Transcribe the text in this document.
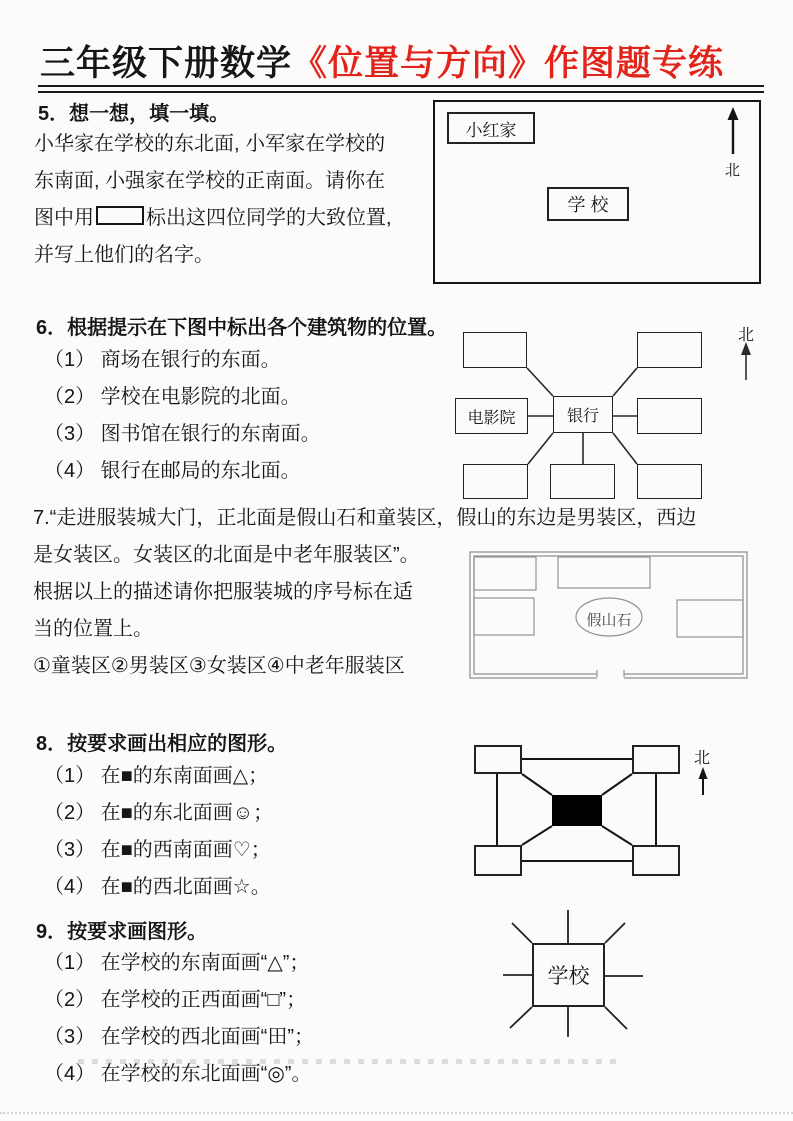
三年级下册数学《位置与方向》作图题专练
5．想一想，填一填。
小华家在学校的东北面, 小军家在学校的
东南面, 小强家在学校的正南面。请你在
图中用	标出这四位同学的大致位置,
并写上他们的名字。
小红家
学 校
北
6．根据提示在下图中标出各个建筑物的位置。
（1） 商场在银行的东面。
（2） 学校在电影院的北面。
（3） 图书馆在银行的东南面。
（4） 银行在邮局的东北面。
电影院	银行
北
7.“走进服装城大门，正北面是假山石和童装区，假山的东边是男装区，西边
是女装区。女装区的北面是中老年服装区”。
根据以上的描述请你把服装城的序号标在适
当的位置上。
①童装区②男装区③女装区④中老年服装区
假山石
8．按要求画出相应的图形。
（1） 在■的东南面画△；
（2） 在■的东北面画☺；
（3） 在■的西南面画♡；
（4） 在■的西北面画☆。
北
9．按要求画图形。
（1） 在学校的东南面画“△”；
（2） 在学校的正西面画“□”；
（3） 在学校的西北面画“田”；
（4） 在学校的东北面画“◎”。
学校
